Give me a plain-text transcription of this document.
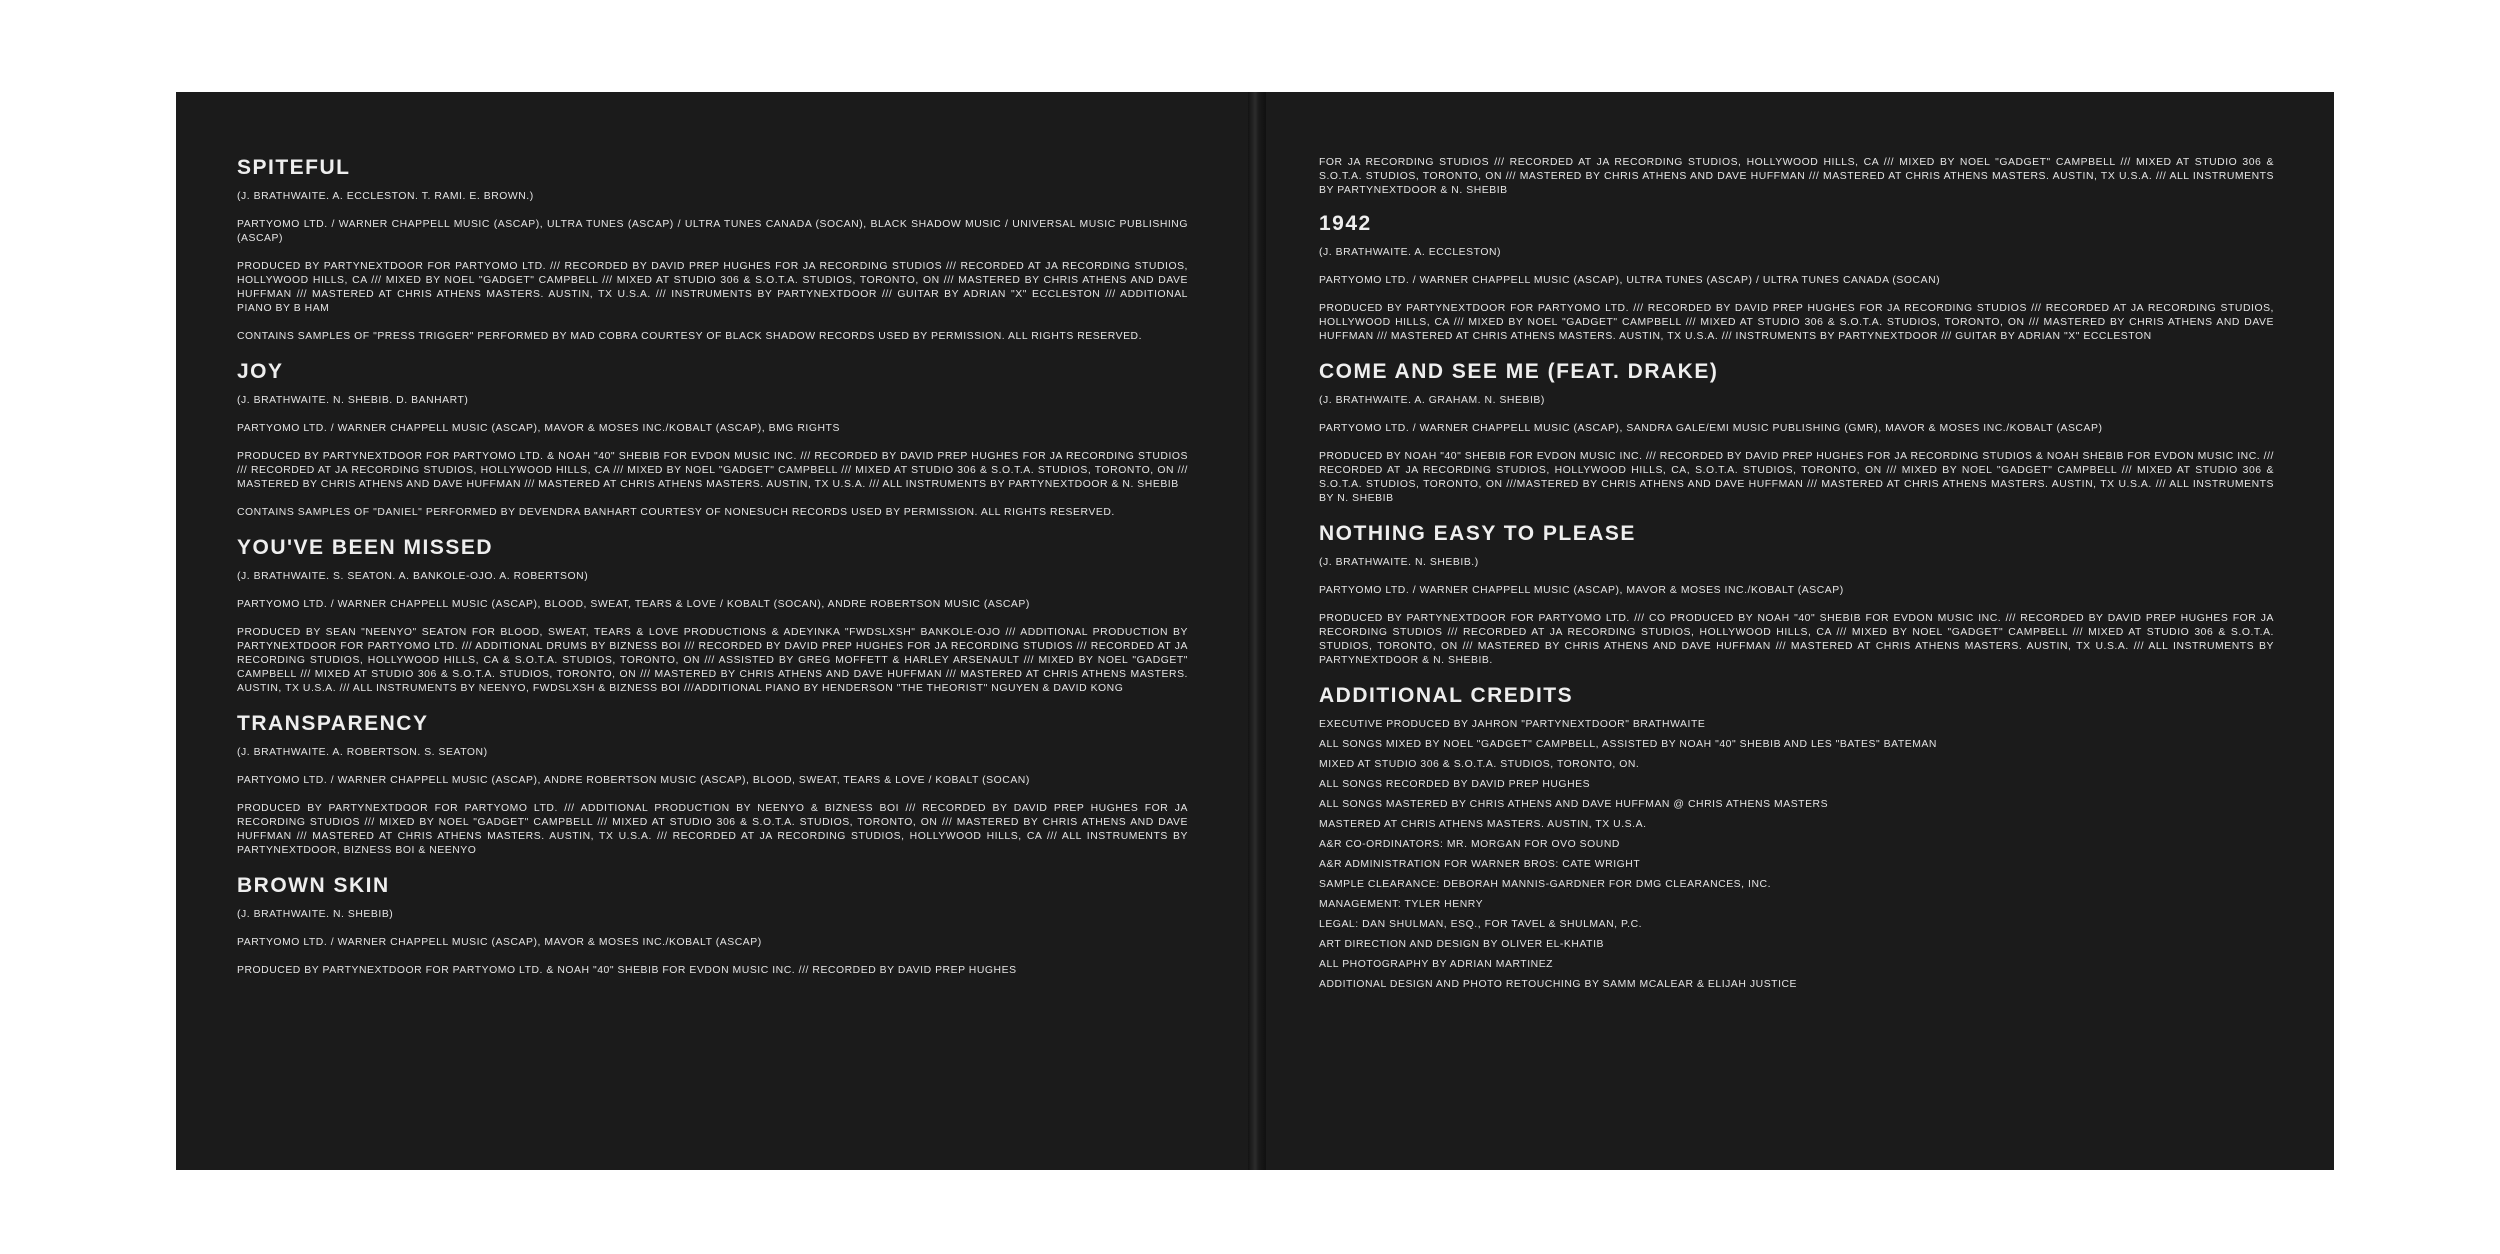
SPITEFUL
(J. BRATHWAITE. A. ECCLESTON. T. RAMI. E. BROWN.)
PARTYOMO LTD. / WARNER CHAPPELL MUSIC (ASCAP), ULTRA TUNES (ASCAP) / ULTRA TUNES CANADA (SOCAN), BLACK SHADOW MUSIC / UNIVERSAL MUSIC PUBLISHING (ASCAP)
PRODUCED BY PARTYNEXTDOOR FOR PARTYOMO LTD. /// RECORDED BY DAVID PREP HUGHES FOR JA RECORDING STUDIOS /// RECORDED AT JA RECORDING STUDIOS, HOLLYWOOD HILLS, CA /// MIXED BY NOEL "GADGET" CAMPBELL /// MIXED AT STUDIO 306 & S.O.T.A. STUDIOS, TORONTO, ON /// MASTERED BY CHRIS ATHENS AND DAVE HUFFMAN /// MASTERED AT CHRIS ATHENS MASTERS. AUSTIN, TX U.S.A. /// INSTRUMENTS BY PARTYNEXTDOOR /// GUITAR BY ADRIAN "X" ECCLESTON /// ADDITIONAL PIANO BY B HAM
CONTAINS SAMPLES OF "PRESS TRIGGER" PERFORMED BY MAD COBRA COURTESY OF BLACK SHADOW RECORDS USED BY PERMISSION. ALL RIGHTS RESERVED.
JOY
(J. BRATHWAITE. N. SHEBIB. D. BANHART)
PARTYOMO LTD. / WARNER CHAPPELL MUSIC (ASCAP), MAVOR & MOSES INC./KOBALT (ASCAP), BMG RIGHTS
PRODUCED BY PARTYNEXTDOOR FOR PARTYOMO LTD. & NOAH "40" SHEBIB FOR EVDON MUSIC INC. /// RECORDED BY DAVID PREP HUGHES FOR JA RECORDING STUDIOS /// RECORDED AT JA RECORDING STUDIOS, HOLLYWOOD HILLS, CA /// MIXED BY NOEL "GADGET" CAMPBELL /// MIXED AT STUDIO 306 & S.O.T.A. STUDIOS, TORONTO, ON /// MASTERED BY CHRIS ATHENS AND DAVE HUFFMAN /// MASTERED AT CHRIS ATHENS MASTERS. AUSTIN, TX U.S.A. /// ALL INSTRUMENTS BY PARTYNEXTDOOR & N. SHEBIB
CONTAINS SAMPLES OF "DANIEL" PERFORMED BY DEVENDRA BANHART COURTESY OF NONESUCH RECORDS USED BY PERMISSION. ALL RIGHTS RESERVED.
YOU'VE BEEN MISSED
(J. BRATHWAITE. S. SEATON. A. BANKOLE-OJO. A. ROBERTSON)
PARTYOMO LTD. / WARNER CHAPPELL MUSIC (ASCAP), BLOOD, SWEAT, TEARS & LOVE / KOBALT (SOCAN), ANDRE ROBERTSON MUSIC (ASCAP)
PRODUCED BY SEAN "NEENYO" SEATON FOR BLOOD, SWEAT, TEARS & LOVE PRODUCTIONS & ADEYINKA "FWDSLXSH" BANKOLE-OJO /// ADDITIONAL PRODUCTION BY PARTYNEXTDOOR FOR PARTYOMO LTD. /// ADDITIONAL DRUMS BY BIZNESS BOI /// RECORDED BY DAVID PREP HUGHES FOR JA RECORDING STUDIOS /// RECORDED AT JA RECORDING STUDIOS, HOLLYWOOD HILLS, CA & S.O.T.A. STUDIOS, TORONTO, ON /// ASSISTED BY GREG MOFFETT & HARLEY ARSENAULT /// MIXED BY NOEL "GADGET" CAMPBELL /// MIXED AT STUDIO 306 & S.O.T.A. STUDIOS, TORONTO, ON /// MASTERED BY CHRIS ATHENS AND DAVE HUFFMAN /// MASTERED AT CHRIS ATHENS MASTERS. AUSTIN, TX U.S.A. /// ALL INSTRUMENTS BY NEENYO, FWDSLXSH & BIZNESS BOI ///ADDITIONAL PIANO BY HENDERSON "THE THEORIST" NGUYEN & DAVID KONG
TRANSPARENCY
(J. BRATHWAITE. A. ROBERTSON. S. SEATON)
PARTYOMO LTD. / WARNER CHAPPELL MUSIC (ASCAP), ANDRE ROBERTSON MUSIC (ASCAP), BLOOD, SWEAT, TEARS & LOVE / KOBALT (SOCAN)
PRODUCED BY PARTYNEXTDOOR FOR PARTYOMO LTD. /// ADDITIONAL PRODUCTION BY NEENYO & BIZNESS BOI /// RECORDED BY DAVID PREP HUGHES FOR JA RECORDING STUDIOS /// MIXED BY NOEL "GADGET" CAMPBELL /// MIXED AT STUDIO 306 & S.O.T.A. STUDIOS, TORONTO, ON /// MASTERED BY CHRIS ATHENS AND DAVE HUFFMAN /// MASTERED AT CHRIS ATHENS MASTERS. AUSTIN, TX U.S.A. /// RECORDED AT JA RECORDING STUDIOS, HOLLYWOOD HILLS, CA /// ALL INSTRUMENTS BY PARTYNEXTDOOR, BIZNESS BOI & NEENYO
BROWN SKIN
(J. BRATHWAITE. N. SHEBIB)
PARTYOMO LTD. / WARNER CHAPPELL MUSIC (ASCAP), MAVOR & MOSES INC./KOBALT (ASCAP)
PRODUCED BY PARTYNEXTDOOR FOR PARTYOMO LTD. & NOAH "40" SHEBIB FOR EVDON MUSIC INC. /// RECORDED BY DAVID PREP HUGHES
FOR JA RECORDING STUDIOS /// RECORDED AT JA RECORDING STUDIOS, HOLLYWOOD HILLS, CA /// MIXED BY NOEL "GADGET" CAMPBELL /// MIXED AT STUDIO 306 & S.O.T.A. STUDIOS, TORONTO, ON /// MASTERED BY CHRIS ATHENS AND DAVE HUFFMAN /// MASTERED AT CHRIS ATHENS MASTERS. AUSTIN, TX U.S.A. /// ALL INSTRUMENTS BY PARTYNEXTDOOR & N. SHEBIB
1942
(J. BRATHWAITE. A. ECCLESTON)
PARTYOMO LTD. / WARNER CHAPPELL MUSIC (ASCAP), ULTRA TUNES (ASCAP) / ULTRA TUNES CANADA (SOCAN)
PRODUCED BY PARTYNEXTDOOR FOR PARTYOMO LTD. /// RECORDED BY DAVID PREP HUGHES FOR JA RECORDING STUDIOS /// RECORDED AT JA RECORDING STUDIOS, HOLLYWOOD HILLS, CA /// MIXED BY NOEL "GADGET" CAMPBELL /// MIXED AT STUDIO 306 & S.O.T.A. STUDIOS, TORONTO, ON /// MASTERED BY CHRIS ATHENS AND DAVE HUFFMAN /// MASTERED AT CHRIS ATHENS MASTERS. AUSTIN, TX U.S.A. /// INSTRUMENTS BY PARTYNEXTDOOR /// GUITAR BY ADRIAN "X" ECCLESTON
COME AND SEE ME (FEAT. DRAKE)
(J. BRATHWAITE. A. GRAHAM. N. SHEBIB)
PARTYOMO LTD. / WARNER CHAPPELL MUSIC (ASCAP), SANDRA GALE/EMI MUSIC PUBLISHING (GMR), MAVOR & MOSES INC./KOBALT (ASCAP)
PRODUCED BY NOAH "40" SHEBIB FOR EVDON MUSIC INC. /// RECORDED BY DAVID PREP HUGHES FOR JA RECORDING STUDIOS & NOAH SHEBIB FOR EVDON MUSIC INC. /// RECORDED AT JA RECORDING STUDIOS, HOLLYWOOD HILLS, CA, S.O.T.A. STUDIOS, TORONTO, ON /// MIXED BY NOEL "GADGET" CAMPBELL /// MIXED AT STUDIO 306 & S.O.T.A. STUDIOS, TORONTO, ON ///MASTERED BY CHRIS ATHENS AND DAVE HUFFMAN /// MASTERED AT CHRIS ATHENS MASTERS. AUSTIN, TX U.S.A. /// ALL INSTRUMENTS BY N. SHEBIB
NOTHING EASY TO PLEASE
(J. BRATHWAITE. N. SHEBIB.)
PARTYOMO LTD. / WARNER CHAPPELL MUSIC (ASCAP), MAVOR & MOSES INC./KOBALT (ASCAP)
PRODUCED BY PARTYNEXTDOOR FOR PARTYOMO LTD. /// CO PRODUCED BY NOAH "40" SHEBIB FOR EVDON MUSIC INC. /// RECORDED BY DAVID PREP HUGHES FOR JA RECORDING STUDIOS /// RECORDED AT JA RECORDING STUDIOS, HOLLYWOOD HILLS, CA /// MIXED BY NOEL "GADGET" CAMPBELL /// MIXED AT STUDIO 306 & S.O.T.A. STUDIOS, TORONTO, ON /// MASTERED BY CHRIS ATHENS AND DAVE HUFFMAN /// MASTERED AT CHRIS ATHENS MASTERS. AUSTIN, TX U.S.A. /// ALL INSTRUMENTS BY PARTYNEXTDOOR & N. SHEBIB.
ADDITIONAL CREDITS
EXECUTIVE PRODUCED BY JAHRON "PARTYNEXTDOOR" BRATHWAITE
ALL SONGS MIXED BY NOEL "GADGET" CAMPBELL, ASSISTED BY NOAH "40" SHEBIB AND LES "BATES" BATEMAN
MIXED AT STUDIO 306 & S.O.T.A. STUDIOS, TORONTO, ON.
ALL SONGS RECORDED BY DAVID PREP HUGHES
ALL SONGS MASTERED BY CHRIS ATHENS AND DAVE HUFFMAN @ CHRIS ATHENS MASTERS
MASTERED AT CHRIS ATHENS MASTERS. AUSTIN, TX U.S.A.
A&R CO-ORDINATORS: MR. MORGAN FOR OVO SOUND
A&R ADMINISTRATION FOR WARNER BROS: CATE WRIGHT
SAMPLE CLEARANCE: DEBORAH MANNIS-GARDNER FOR DMG CLEARANCES, INC.
MANAGEMENT: TYLER HENRY
LEGAL: DAN SHULMAN, ESQ., FOR TAVEL & SHULMAN, P.C.
ART DIRECTION AND DESIGN BY OLIVER EL-KHATIB
ALL PHOTOGRAPHY BY ADRIAN MARTINEZ
ADDITIONAL DESIGN AND PHOTO RETOUCHING BY SAMM MCALEAR & ELIJAH JUSTICE
